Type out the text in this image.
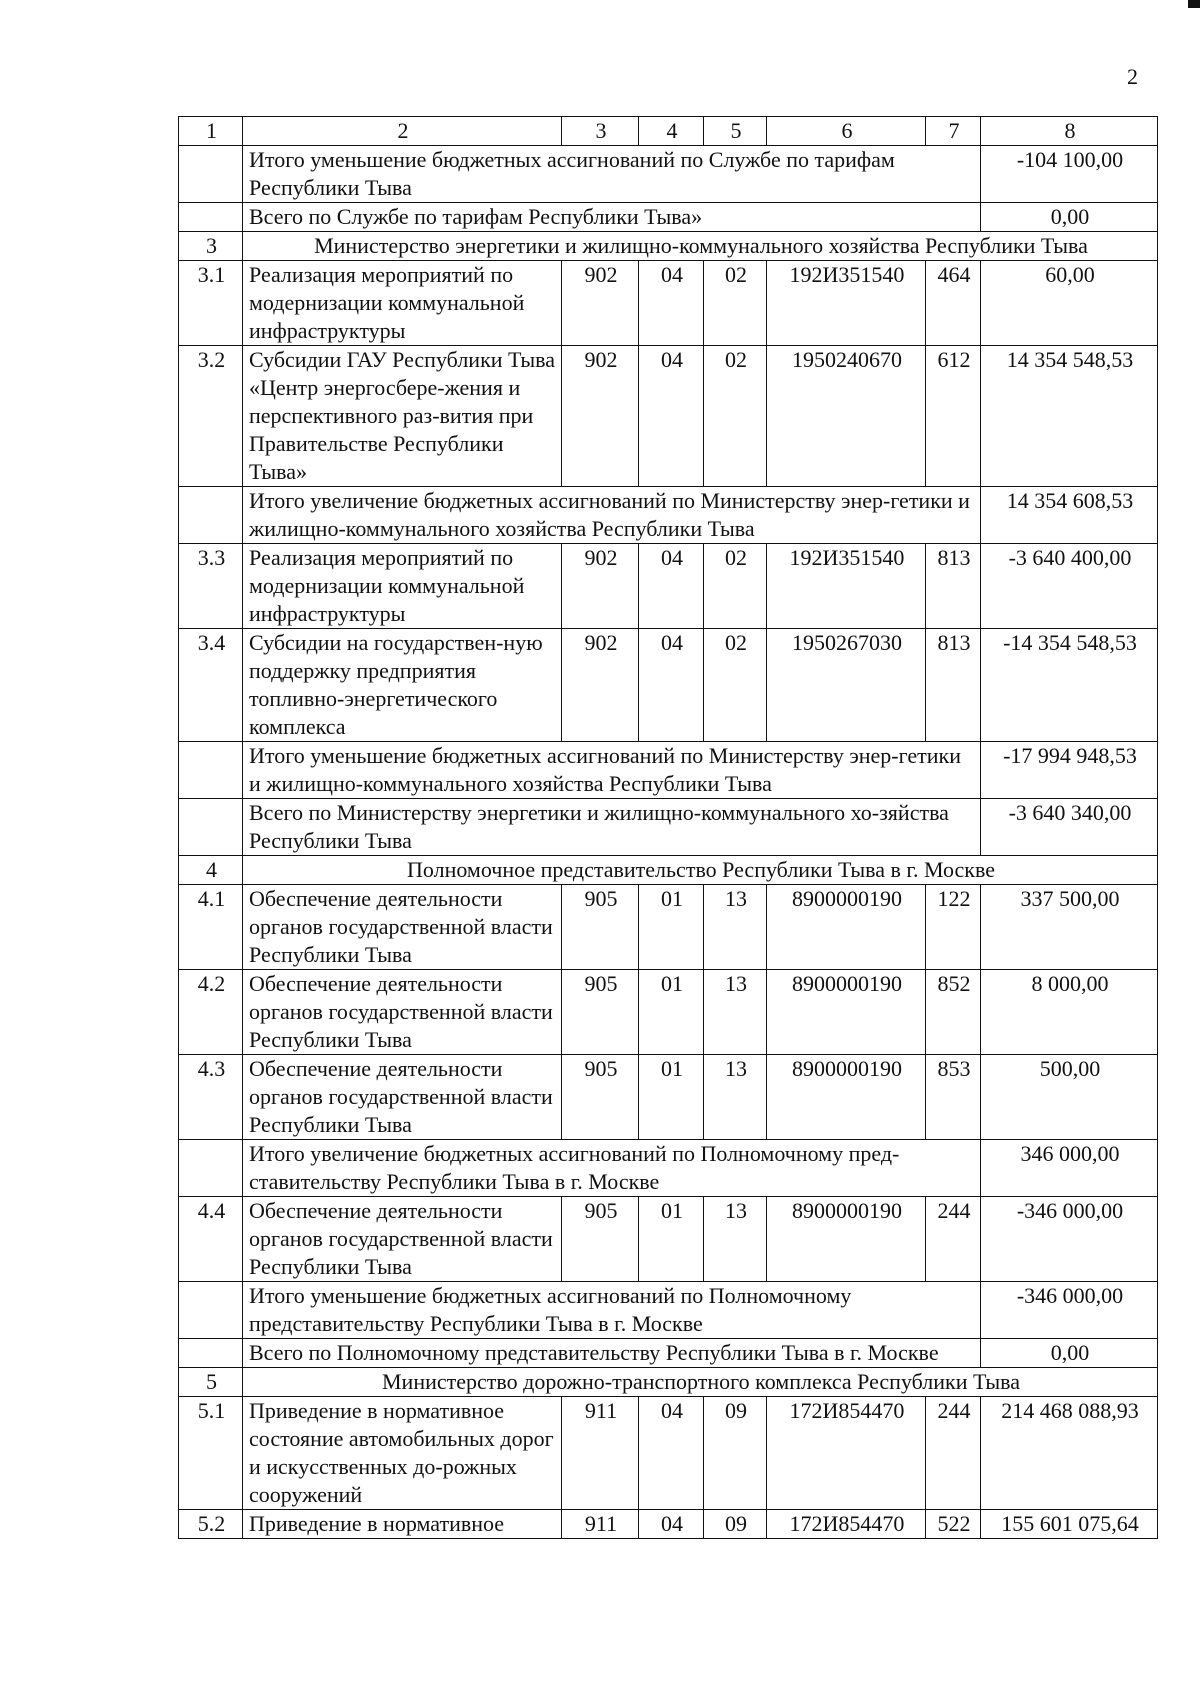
2
1	2	3	4	5	6	7	8
	Итого уменьшение бюджетных ассигнований по Службе по тарифам Республики Тыва						-104 100,00
	Всего по Службе по тарифам Республики Тыва»						0,00
3	Министерство энергетики и жилищно-коммунального хозяйства Республики Тыва						
3.1	Реализация мероприятий по модернизации коммунальной инфраструктуры	902	04	02	192И351540	464	60,00
3.2	Субсидии ГАУ Республики Тыва «Центр энергосбере-жения и перспективного раз-вития при Правительстве Республики Тыва»	902	04	02	1950240670	612	14 354 548,53
	Итого увеличение бюджетных ассигнований по Министерству энер-гетики и жилищно-коммунального хозяйства Республики Тыва						14 354 608,53
3.3	Реализация мероприятий по модернизации коммунальной инфраструктуры	902	04	02	192И351540	813	-3 640 400,00
3.4	Субсидии на государствен-ную поддержку предприятия топливно-энергетического комплекса	902	04	02	1950267030	813	-14 354 548,53
	Итого уменьшение бюджетных ассигнований по Министерству энер-гетики и жилищно-коммунального хозяйства Республики Тыва						-17 994 948,53
	Всего по Министерству энергетики и жилищно-коммунального хо-зяйства Республики Тыва						-3 640 340,00
4	Полномочное представительство Республики Тыва в г. Москве						
4.1	Обеспечение деятельности органов государственной власти Республики Тыва	905	01	13	8900000190	122	337 500,00
4.2	Обеспечение деятельности органов государственной власти Республики Тыва	905	01	13	8900000190	852	8 000,00
4.3	Обеспечение деятельности органов государственной власти Республики Тыва	905	01	13	8900000190	853	500,00
	Итого увеличение бюджетных ассигнований по Полномочному пред-ставительству Республики Тыва в г. Москве						346 000,00
4.4	Обеспечение деятельности органов государственной власти Республики Тыва	905	01	13	8900000190	244	-346 000,00
	Итого уменьшение бюджетных ассигнований по Полномочному представительству Республики Тыва в г. Москве						-346 000,00
	Всего по Полномочному представительству Республики Тыва в г. Москве						0,00
5	Министерство дорожно-транспортного комплекса Республики Тыва						
5.1	Приведение в нормативное состояние автомобильных дорог и искусственных до-рожных сооружений	911	04	09	172И854470	244	214 468 088,93
5.2	Приведение в нормативное	911	04	09	172И854470	522	155 601 075,64
